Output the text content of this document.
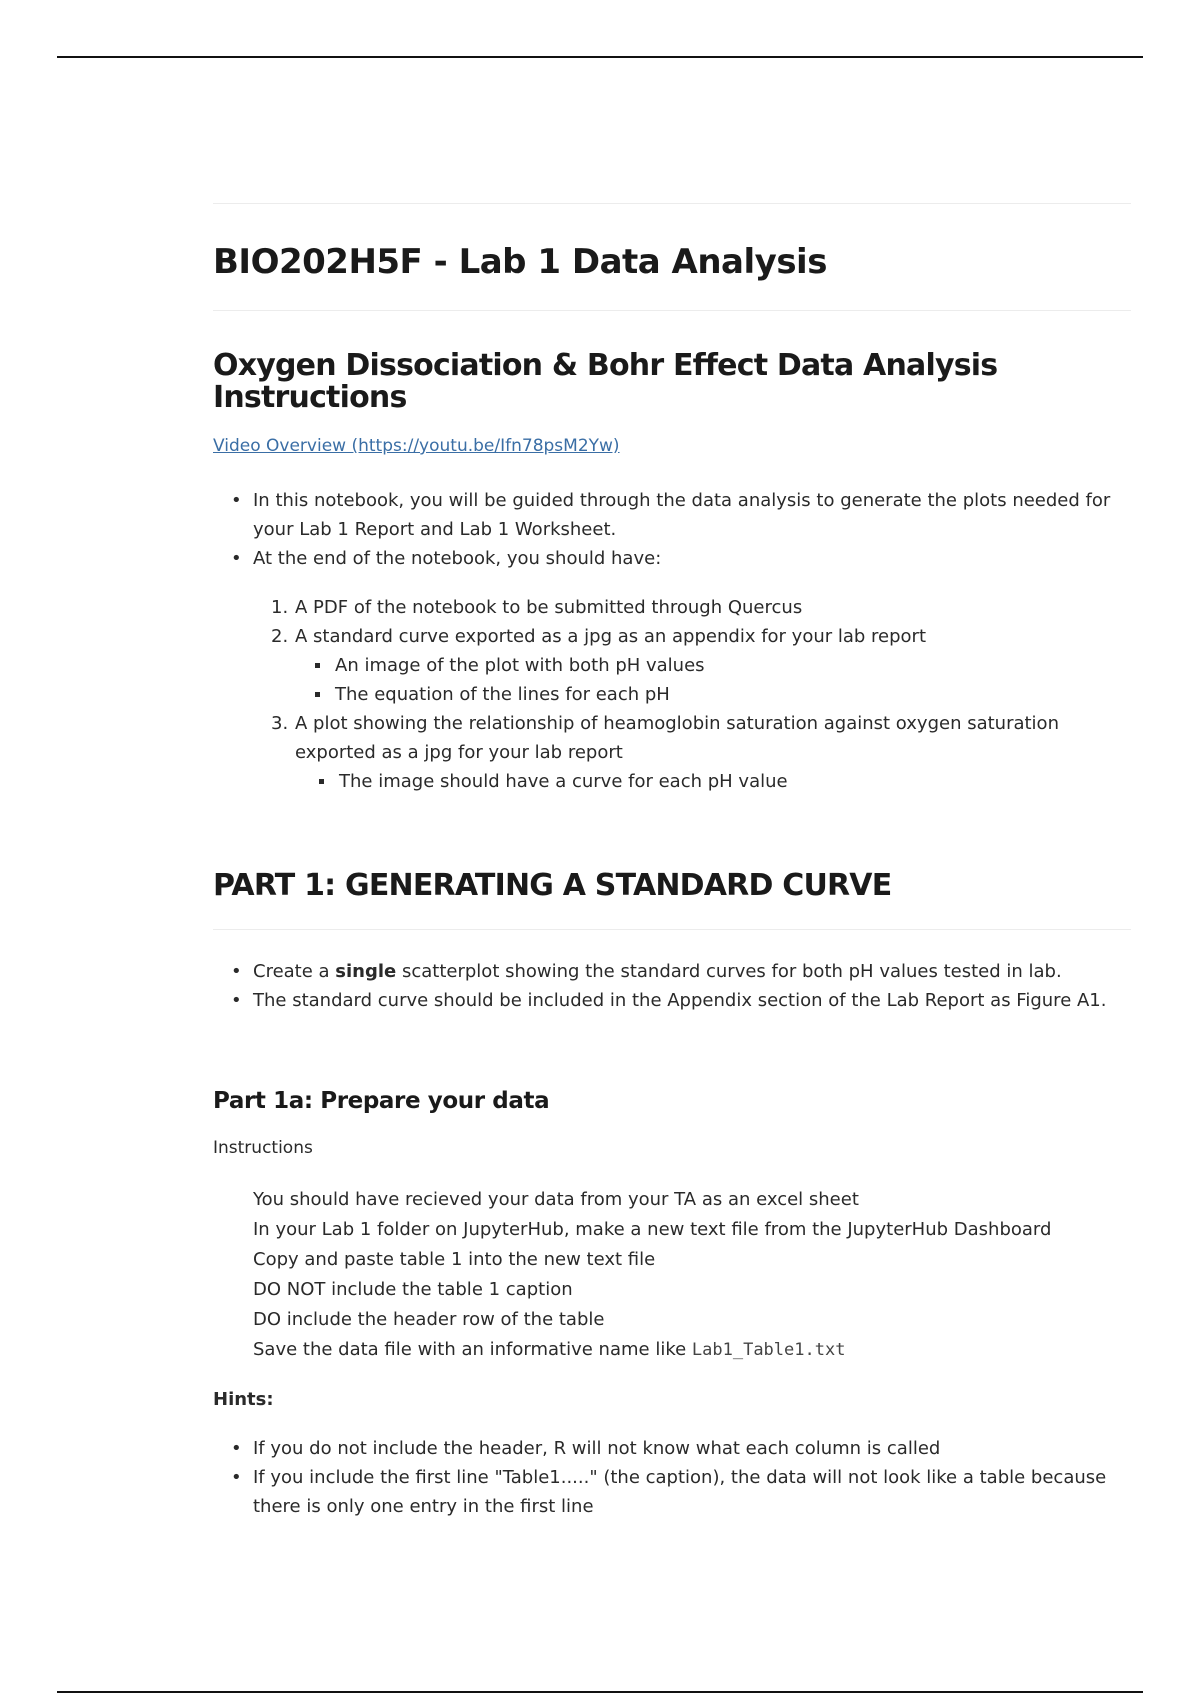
BIO202H5F - Lab 1 Data Analysis
Oxygen Dissociation & Bohr Effect Data Analysis Instructions
Video Overview (https://youtu.be/Ifn78psM2Yw)
• In this notebook, you will be guided through the data analysis to generate the plots needed for your Lab 1 Report and Lab 1 Worksheet.
• At the end of the notebook, you should have:
1. A PDF of the notebook to be submitted through Quercus
2. A standard curve exported as a jpg as an appendix for your lab report
An image of the plot with both pH values
The equation of the lines for each pH
3. A plot showing the relationship of heamoglobin saturation against oxygen saturation exported as a jpg for your lab report
The image should have a curve for each pH value
PART 1: GENERATING A STANDARD CURVE
• Create a single scatterplot showing the standard curves for both pH values tested in lab.
• The standard curve should be included in the Appendix section of the Lab Report as Figure A1.
Part 1a: Prepare your data
Instructions
You should have recieved your data from your TA as an excel sheet
In your Lab 1 folder on JupyterHub, make a new text file from the JupyterHub Dashboard
Copy and paste table 1 into the new text file
DO NOT include the table 1 caption
DO include the header row of the table
Save the data file with an informative name like Lab1_Table1.txt
Hints:
• If you do not include the header, R will not know what each column is called
• If you include the first line "Table1....." (the caption), the data will not look like a table because there is only one entry in the first line
